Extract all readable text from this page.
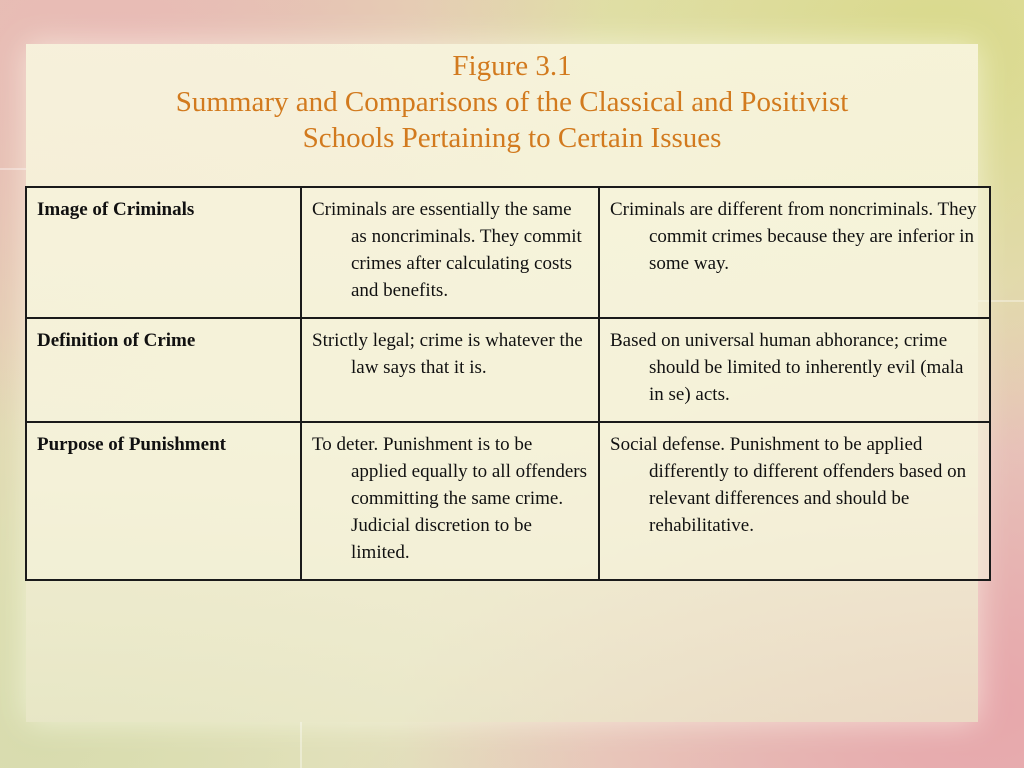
Figure 3.1
Summary and Comparisons of the Classical and Positivist
Schools Pertaining to Certain Issues
Image of Criminals	Criminals are essentially the same as noncriminals. They commit crimes after calculating costs and benefits.	Criminals are different from noncriminals. They commit crimes because they are inferior in some way.

Definition of Crime	Strictly legal; crime is whatever the law says that it is.	Based on universal human abhorance; crime should be limited to inherently evil (mala in se) acts.

Purpose of Punishment	To deter. Punishment is to be applied equally to all offenders committing the same crime. Judicial discretion to be limited.	Social defense. Punishment to be applied differently to different offenders based on relevant differences and should be rehabilitative.
